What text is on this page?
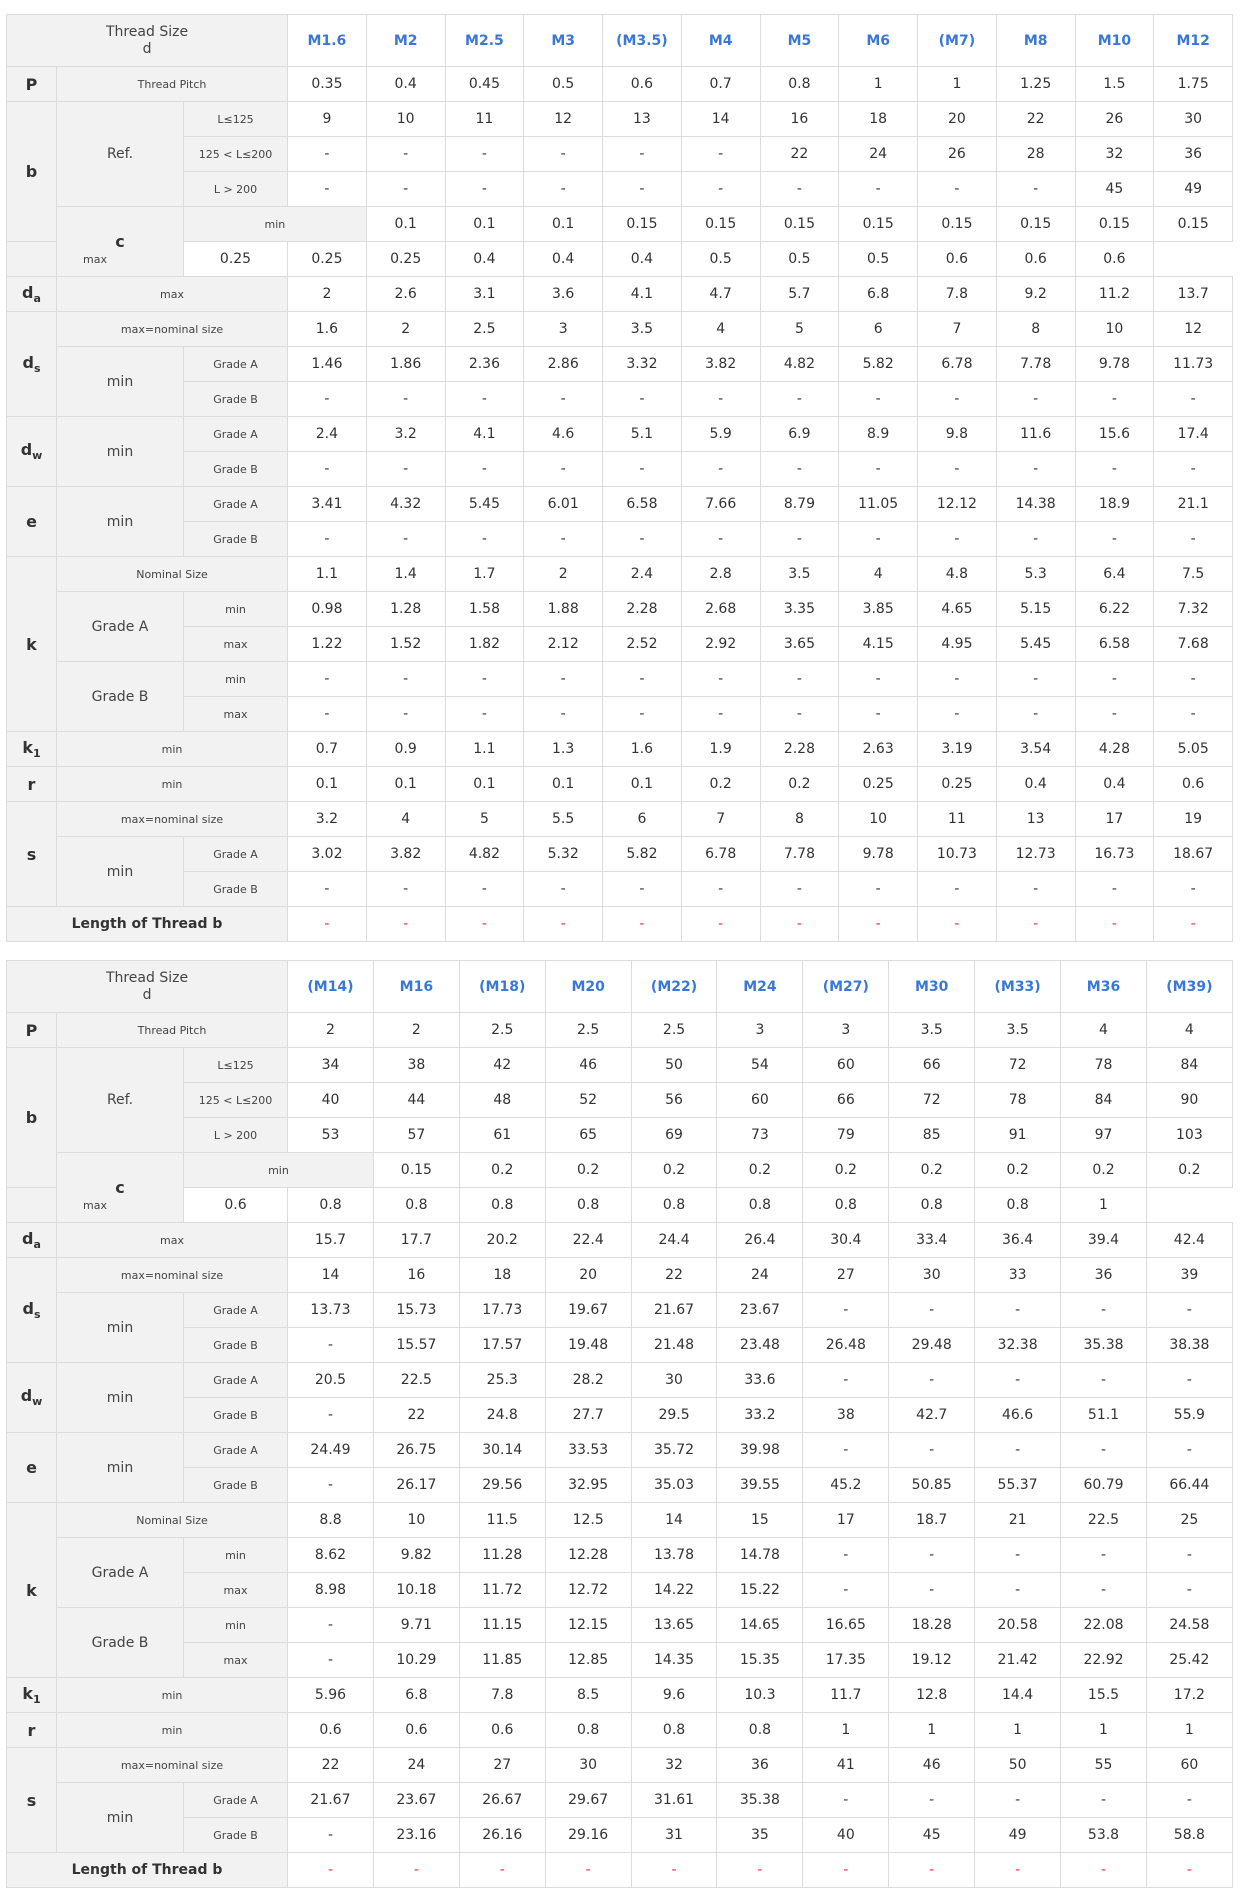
Thread Size
d			M1.6	M2	M2.5	M3	(M3.5)	M4	M5	M6	(M7)	M8	M10	M12	
P	Thread Pitch		0.35	0.4	0.45	0.5	0.6	0.7	0.8	1	1	1.25	1.5	1.75	
b	Ref.	L≤125	9	10	11	12	13	14	16	18	20	22	26	30	
		125 < L≤200	-	-	-	-	-	-	22	24	26	28	32	36	
		L > 200	-	-	-	-	-	-	-	-	-	-	45	49	
	c	min		0.1	0.1	0.1	0.15	0.15	0.15	0.15	0.15	0.15	0.15	0.15	
max		0.25	0.25	0.25	0.4	0.4	0.4	0.5	0.5	0.5	0.6	0.6	0.6		
$d_a$	max		2	2.6	3.1	3.6	4.1	4.7	5.7	6.8	7.8	9.2	11.2	13.7	
$d_s$	max=nominal size		1.6	2	2.5	3	3.5	4	5	6	7	8	10	12	
	min	Grade A	1.46	1.86	2.36	2.86	3.32	3.82	4.82	5.82	6.78	7.78	9.78	11.73	
		Grade B	-	-	-	-	-	-	-	-	-	-	-	-	
$d_w$	min	Grade A	2.4	3.2	4.1	4.6	5.1	5.9	6.9	8.9	9.8	11.6	15.6	17.4	
		Grade B	-	-	-	-	-	-	-	-	-	-	-	-	
e	min	Grade A	3.41	4.32	5.45	6.01	6.58	7.66	8.79	11.05	12.12	14.38	18.9	21.1	
		Grade B	-	-	-	-	-	-	-	-	-	-	-	-	
k	Nominal Size		1.1	1.4	1.7	2	2.4	2.8	3.5	4	4.8	5.3	6.4	7.5	
	Grade A	min	0.98	1.28	1.58	1.88	2.28	2.68	3.35	3.85	4.65	5.15	6.22	7.32	
		max	1.22	1.52	1.82	2.12	2.52	2.92	3.65	4.15	4.95	5.45	6.58	7.68	
	Grade B	min	-	-	-	-	-	-	-	-	-	-	-	-	
		max	-	-	-	-	-	-	-	-	-	-	-	-	
$k_1$	min		0.7	0.9	1.1	1.3	1.6	1.9	2.28	2.63	3.19	3.54	4.28	5.05	
r	min		0.1	0.1	0.1	0.1	0.1	0.2	0.2	0.25	0.25	0.4	0.4	0.6	
s	max=nominal size		3.2	4	5	5.5	6	7	8	10	11	13	17	19	
	min	Grade A	3.02	3.82	4.82	5.32	5.82	6.78	7.78	9.78	10.73	12.73	16.73	18.67	
		Grade B	-	-	-	-	-	-	-	-	-	-	-	-	
Length of Thread b			-	-	-	-	-	-	-	-	-	-	-	-	
Thread Size
d			(M14)	M16	(M18)	M20	(M22)	M24	(M27)	M30	(M33)	M36	(M39)	
P	Thread Pitch		2	2	2.5	2.5	2.5	3	3	3.5	3.5	4	4	
b	Ref.	L≤125	34	38	42	46	50	54	60	66	72	78	84	
		125 < L≤200	40	44	48	52	56	60	66	72	78	84	90	
		L > 200	53	57	61	65	69	73	79	85	91	97	103	
	c	min		0.15	0.2	0.2	0.2	0.2	0.2	0.2	0.2	0.2	0.2	
max		0.6	0.8	0.8	0.8	0.8	0.8	0.8	0.8	0.8	0.8	1		
$d_a$	max		15.7	17.7	20.2	22.4	24.4	26.4	30.4	33.4	36.4	39.4	42.4	
$d_s$	max=nominal size		14	16	18	20	22	24	27	30	33	36	39	
	min	Grade A	13.73	15.73	17.73	19.67	21.67	23.67	-	-	-	-	-	
		Grade B	-	15.57	17.57	19.48	21.48	23.48	26.48	29.48	32.38	35.38	38.38	
$d_w$	min	Grade A	20.5	22.5	25.3	28.2	30	33.6	-	-	-	-	-	
		Grade B	-	22	24.8	27.7	29.5	33.2	38	42.7	46.6	51.1	55.9	
e	min	Grade A	24.49	26.75	30.14	33.53	35.72	39.98	-	-	-	-	-	
		Grade B	-	26.17	29.56	32.95	35.03	39.55	45.2	50.85	55.37	60.79	66.44	
k	Nominal Size		8.8	10	11.5	12.5	14	15	17	18.7	21	22.5	25	
	Grade A	min	8.62	9.82	11.28	12.28	13.78	14.78	-	-	-	-	-	
		max	8.98	10.18	11.72	12.72	14.22	15.22	-	-	-	-	-	
	Grade B	min	-	9.71	11.15	12.15	13.65	14.65	16.65	18.28	20.58	22.08	24.58	
		max	-	10.29	11.85	12.85	14.35	15.35	17.35	19.12	21.42	22.92	25.42	
$k_1$	min		5.96	6.8	7.8	8.5	9.6	10.3	11.7	12.8	14.4	15.5	17.2	
r	min		0.6	0.6	0.6	0.8	0.8	0.8	1	1	1	1	1	
s	max=nominal size		22	24	27	30	32	36	41	46	50	55	60	
	min	Grade A	21.67	23.67	26.67	29.67	31.61	35.38	-	-	-	-	-	
		Grade B	-	23.16	26.16	29.16	31	35	40	45	49	53.8	58.8	
Length of Thread b			-	-	-	-	-	-	-	-	-	-	-	
